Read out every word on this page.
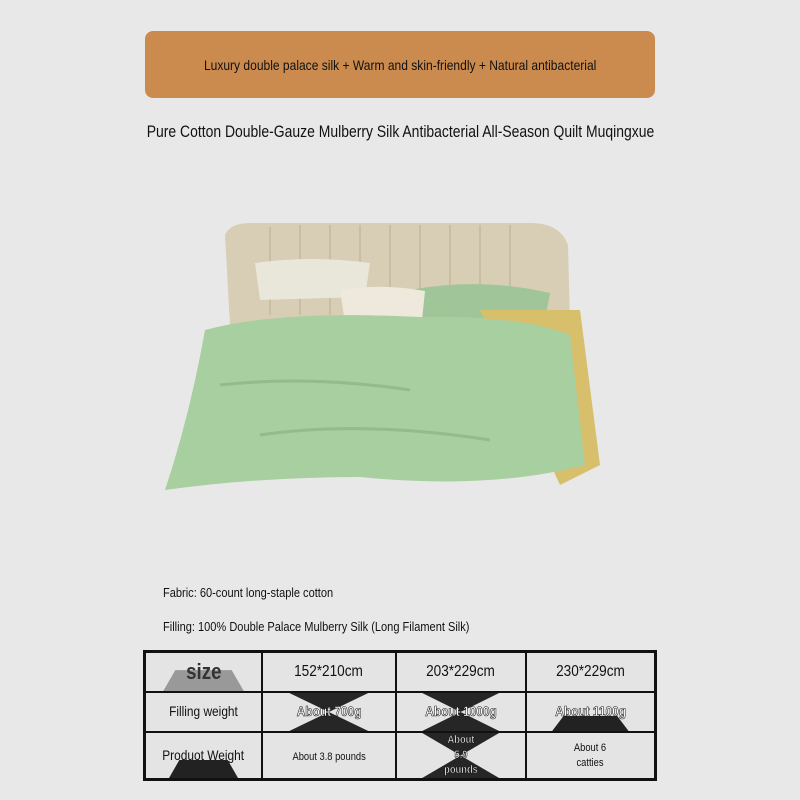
Luxury double palace silk + Warm and skin-friendly + Natural antibacterial
Pure Cotton Double-Gauze Mulberry Silk Antibacterial All-Season Quilt Muqingxue
Fabric: 60-count long-staple cotton
Filling: 100% Double Palace Mulberry Silk (Long Filament Silk)
size	152*210cm	203*229cm	230*229cm
Filling weight	About 700g	About 1000g	About 1100g

Produot Weight	About 3.8 pounds	About 5.9 pounds	About 6 catties
